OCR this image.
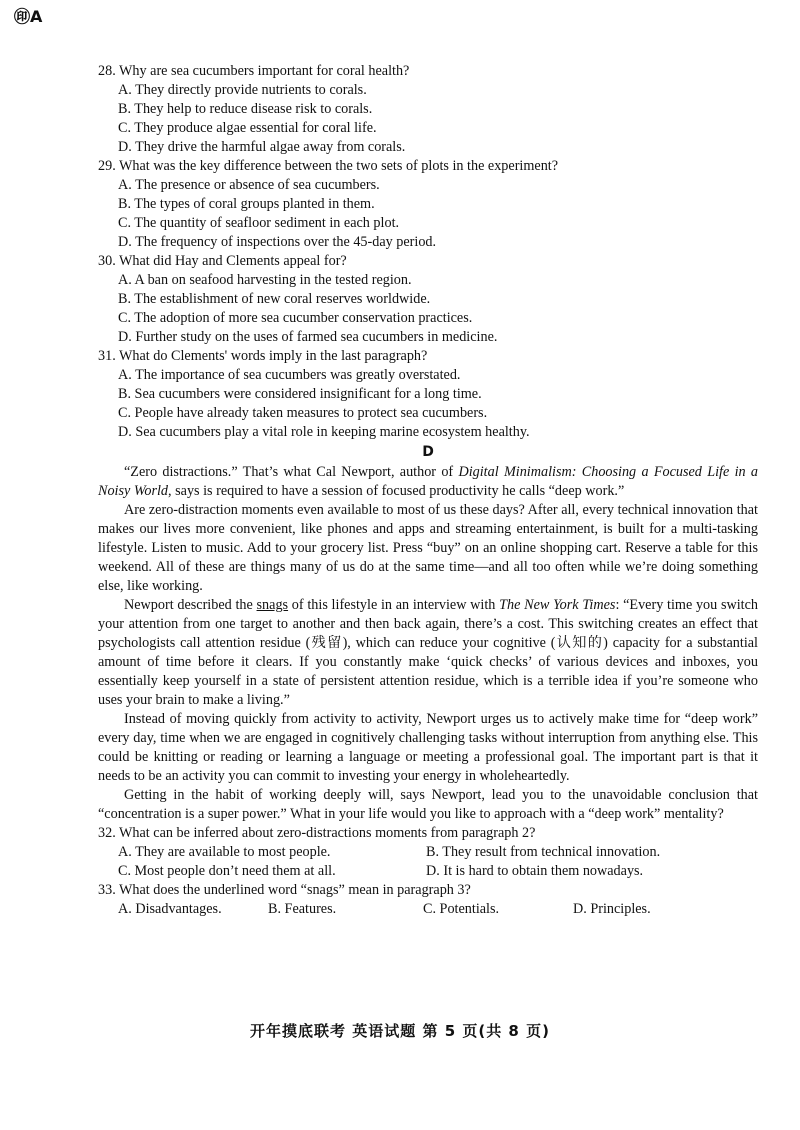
㊞A
28. Why are sea cucumbers important for coral health?
A. They directly provide nutrients to corals.
B. They help to reduce disease risk to corals.
C. They produce algae essential for coral life.
D. They drive the harmful algae away from corals.
29. What was the key difference between the two sets of plots in the experiment?
A. The presence or absence of sea cucumbers.
B. The types of coral groups planted in them.
C. The quantity of seafloor sediment in each plot.
D. The frequency of inspections over the 45-day period.
30. What did Hay and Clements appeal for?
A. A ban on seafood harvesting in the tested region.
B. The establishment of new coral reserves worldwide.
C. The adoption of more sea cucumber conservation practices.
D. Further study on the uses of farmed sea cucumbers in medicine.
31. What do Clements' words imply in the last paragraph?
A. The importance of sea cucumbers was greatly overstated.
B. Sea cucumbers were considered insignificant for a long time.
C. People have already taken measures to protect sea cucumbers.
D. Sea cucumbers play a vital role in keeping marine ecosystem healthy.
D

“Zero distractions.” That’s what Cal Newport, author of Digital Minimalism: Choosing a Focused Life in a Noisy World, says is required to have a session of focused productivity he calls “deep work.”

Are zero-distraction moments even available to most of us these days? After all, every technical innovation that makes our lives more convenient, like phones and apps and streaming entertainment, is built for a multi-tasking lifestyle. Listen to music. Add to your grocery list. Press “buy” on an online shopping cart. Reserve a table for this weekend. All of these are things many of us do at the same time—and all too often while we’re doing something else, like working.

Newport described the snags of this lifestyle in an interview with The New York Times: “Every time you switch your attention from one target to another and then back again, there’s a cost. This switching creates an effect that psychologists call attention residue (残留), which can reduce your cognitive (认知的) capacity for a substantial amount of time before it clears. If you constantly make ‘quick checks’ of various devices and inboxes, you essentially keep yourself in a state of persistent attention residue, which is a terrible idea if you’re someone who uses your brain to make a living.”

Instead of moving quickly from activity to activity, Newport urges us to actively make time for “deep work” every day, time when we are engaged in cognitively challenging tasks without interruption from anything else. This could be knitting or reading or learning a language or meeting a professional goal. The important part is that it needs to be an activity you can commit to investing your energy in wholeheartedly.

Getting in the habit of working deeply will, says Newport, lead you to the unavoidable conclusion that “concentration is a super power.” What in your life would you like to approach with a “deep work” mentality?

32. What can be inferred about zero-distractions moments from paragraph 2?
A. They are available to most people.	B. They result from technical innovation.
C. Most people don’t need them at all.	D. It is hard to obtain them nowadays.
33. What does the underlined word “snags” mean in paragraph 3?
A. Disadvantages.	B. Features.	C. Potentials.	D. Principles.
开年摸底联考 英语试题 第 5 页(共 8 页)
